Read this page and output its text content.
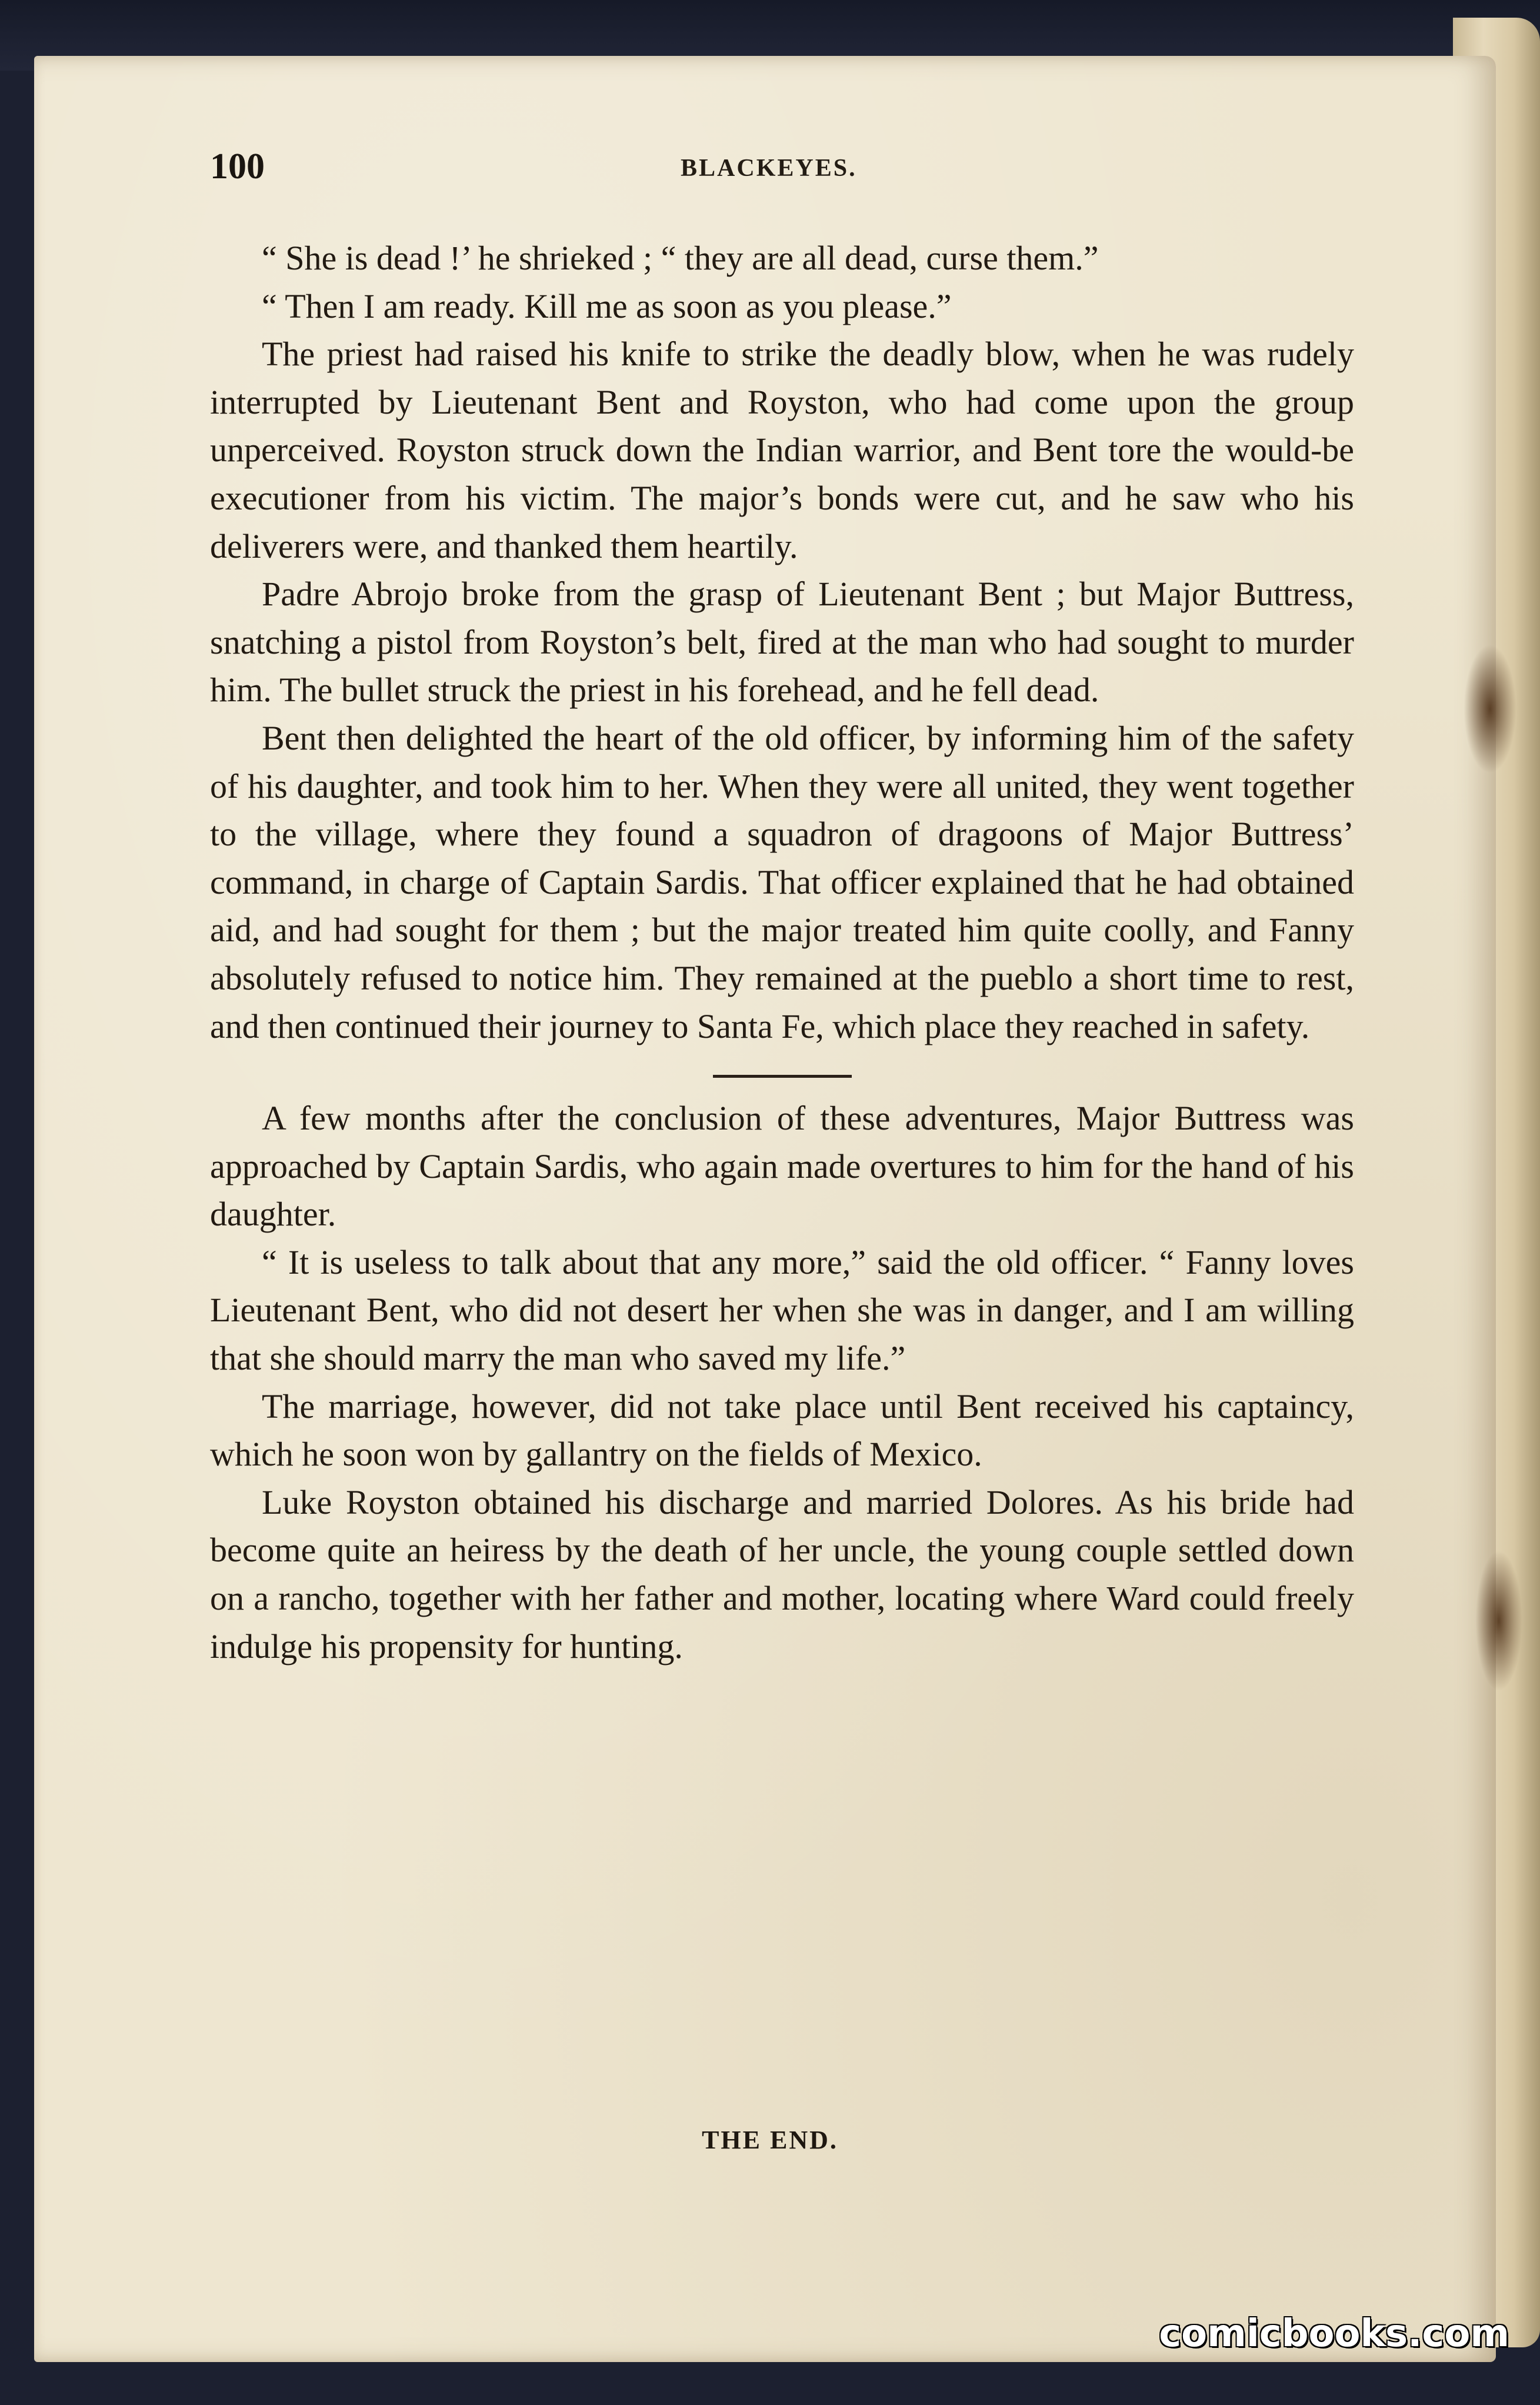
100	BLACKEYES.

“ She is dead !’ he shrieked ; “ they are all dead, curse them.”

“ Then I am ready. Kill me as soon as you please.”

The priest had raised his knife to strike the deadly blow, when he was rudely interrupted by Lieutenant Bent and Royston, who had come upon the group unperceived. Royston struck down the Indian warrior, and Bent tore the would-be executioner from his victim. The major’s bonds were cut, and he saw who his deliverers were, and thanked them heartily.

Padre Abrojo broke from the grasp of Lieutenant Bent ; but Major Buttress, snatching a pistol from Royston’s belt, fired at the man who had sought to murder him. The bullet struck the priest in his forehead, and he fell dead.

Bent then delighted the heart of the old officer, by informing him of the safety of his daughter, and took him to her. When they were all united, they went together to the village, where they found a squadron of dragoons of Major Buttress’ command, in charge of Captain Sardis. That officer explained that he had obtained aid, and had sought for them ; but the major treated him quite coolly, and Fanny absolutely refused to notice him. They remained at the pueblo a short time to rest, and then continued their journey to Santa Fe, which place they reached in safety.

A few months after the conclusion of these adventures, Major Buttress was approached by Captain Sardis, who again made overtures to him for the hand of his daughter.

“ It is useless to talk about that any more,” said the old officer. “ Fanny loves Lieutenant Bent, who did not desert her when she was in danger, and I am willing that she should marry the man who saved my life.”

The marriage, however, did not take place until Bent received his captaincy, which he soon won by gallantry on the fields of Mexico.

Luke Royston obtained his discharge and married Dolores. As his bride had become quite an heiress by the death of her uncle, the young couple settled down on a rancho, together with her father and mother, locating where Ward could freely indulge his propensity for hunting.

THE END.
comicbooks.com
